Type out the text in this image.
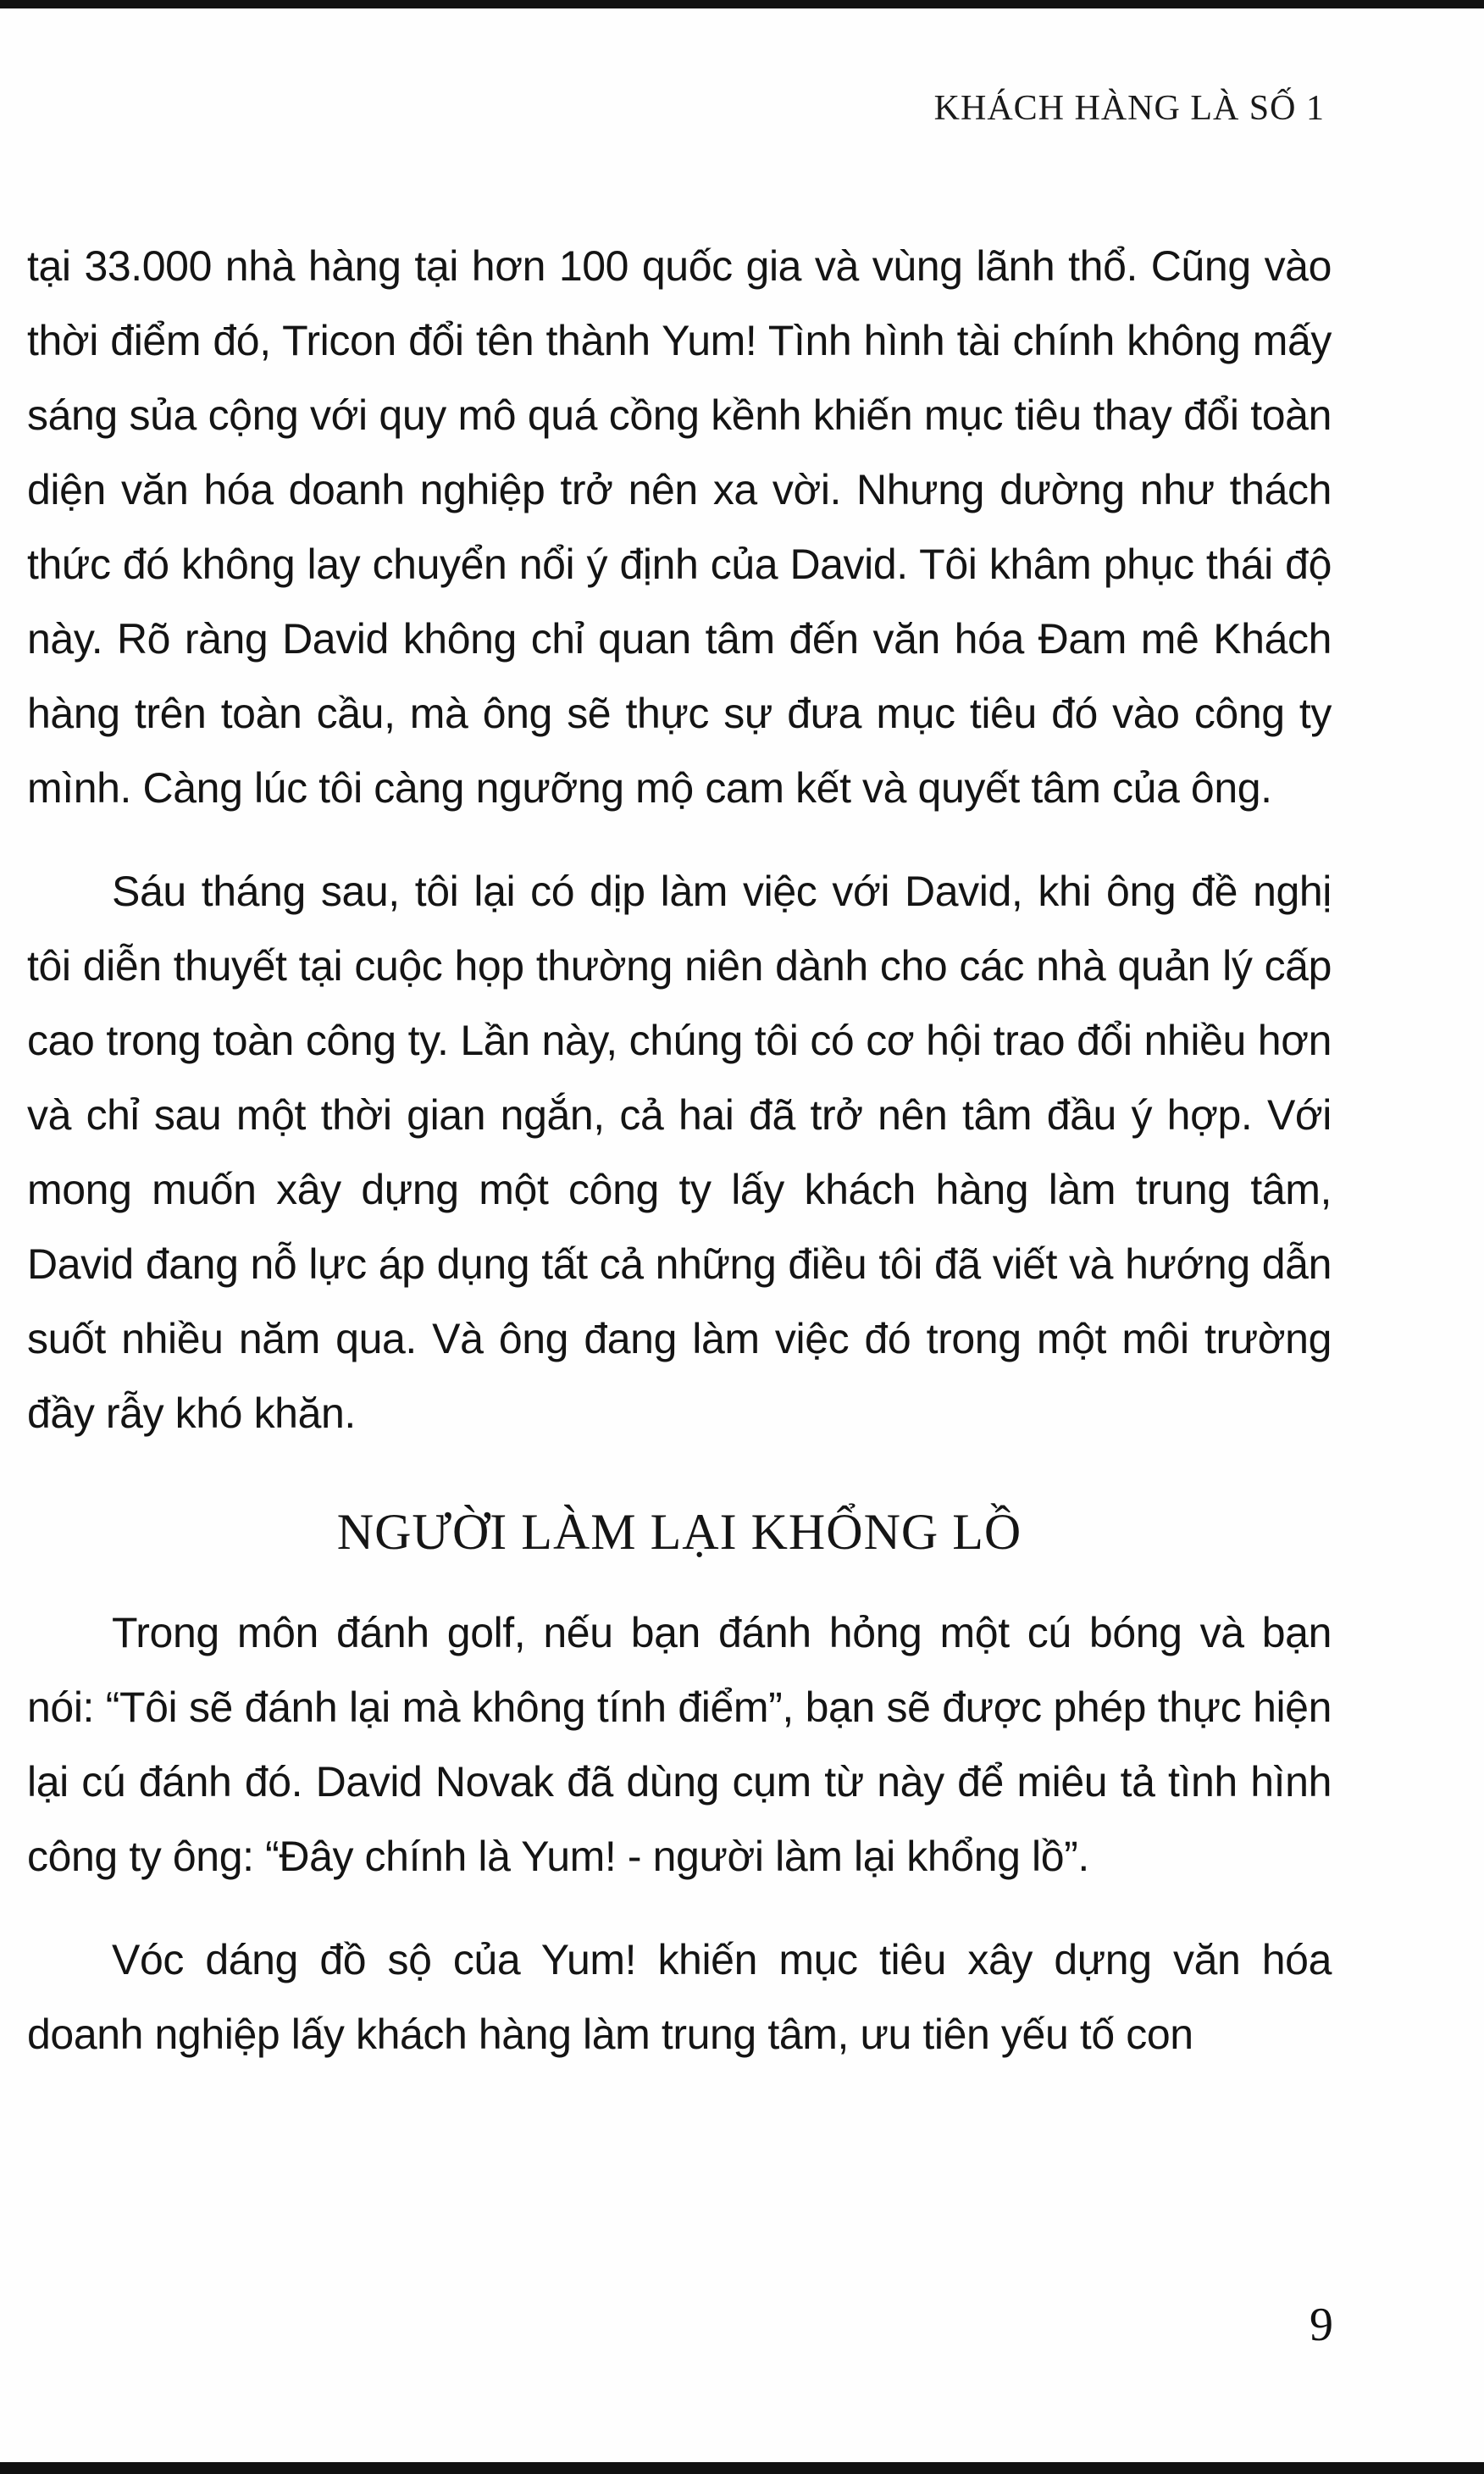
KHÁCH HÀNG LÀ SỐ 1

tại 33.000 nhà hàng tại hơn 100 quốc gia và vùng lãnh thổ. Cũng vào thời điểm đó, Tricon đổi tên thành Yum! Tình hình tài chính không mấy sáng sủa cộng với quy mô quá cồng kềnh khiến mục tiêu thay đổi toàn diện văn hóa doanh nghiệp trở nên xa vời. Nhưng dường như thách thức đó không lay chuyển nổi ý định của David. Tôi khâm phục thái độ này. Rõ ràng David không chỉ quan tâm đến văn hóa Đam mê Khách hàng trên toàn cầu, mà ông sẽ thực sự đưa mục tiêu đó vào công ty mình. Càng lúc tôi càng ngưỡng mộ cam kết và quyết tâm của ông.

Sáu tháng sau, tôi lại có dịp làm việc với David, khi ông đề nghị tôi diễn thuyết tại cuộc họp thường niên dành cho các nhà quản lý cấp cao trong toàn công ty. Lần này, chúng tôi có cơ hội trao đổi nhiều hơn và chỉ sau một thời gian ngắn, cả hai đã trở nên tâm đầu ý hợp. Với mong muốn xây dựng một công ty lấy khách hàng làm trung tâm, David đang nỗ lực áp dụng tất cả những điều tôi đã viết và hướng dẫn suốt nhiều năm qua. Và ông đang làm việc đó trong một môi trường đầy rẫy khó khăn.

NGƯỜI LÀM LẠI KHỔNG LỒ

Trong môn đánh golf, nếu bạn đánh hỏng một cú bóng và bạn nói: “Tôi sẽ đánh lại mà không tính điểm”, bạn sẽ được phép thực hiện lại cú đánh đó. David Novak đã dùng cụm từ này để miêu tả tình hình công ty ông: “Đây chính là Yum! - người làm lại khổng lồ”.

Vóc dáng đồ sộ của Yum! khiến mục tiêu xây dựng văn hóa doanh nghiệp lấy khách hàng làm trung tâm, ưu tiên yếu tố con

9
